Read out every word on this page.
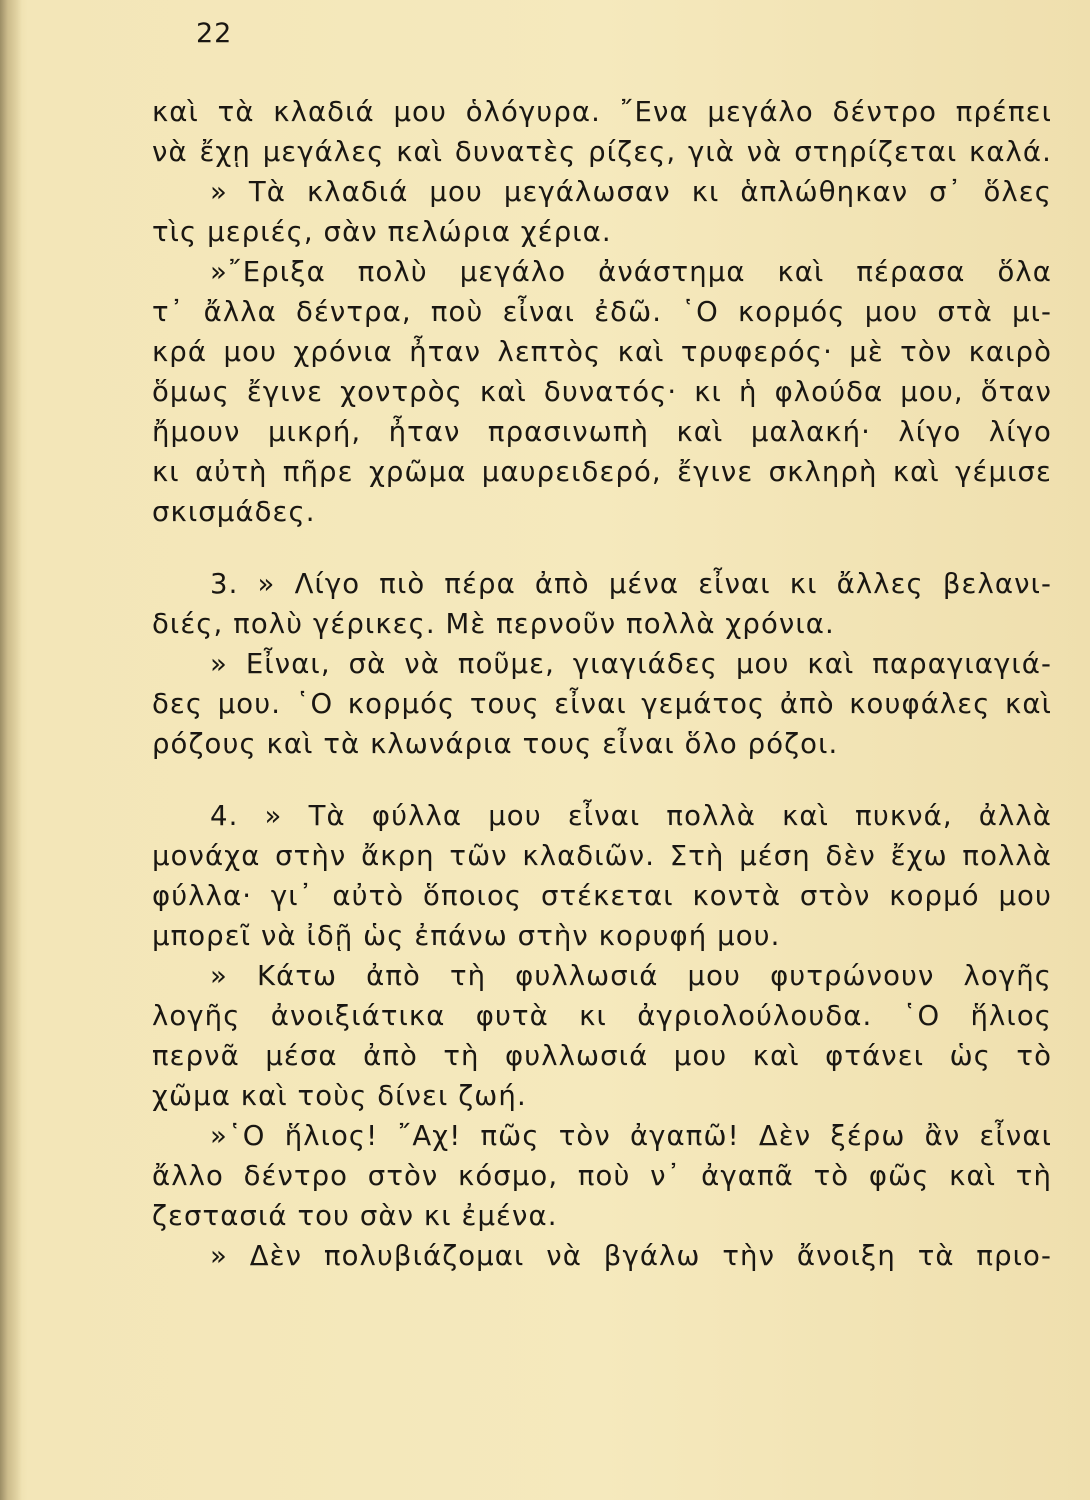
22
καὶ τὰ κλαδιά μου ὁλόγυρα. ῎Ενα μεγάλο δέντρο πρέπει
νὰ ἔχῃ μεγάλες καὶ δυνατὲς ρίζες, γιὰ νὰ στηρίζεται καλά.
» Τὰ κλαδιά μου μεγάλωσαν κι ἁπλώθηκαν σ᾽ ὅλες
τὶς μεριές, σὰν πελώρια χέρια.
»῎Εριξα πολὺ μεγάλο ἀνάστημα καὶ πέρασα ὅλα
τ᾽ ἄλλα δέντρα, ποὺ εἶναι ἐδῶ. ῾Ο κορμός μου στὰ μι-
κρά μου χρόνια ἦταν λεπτὸς καὶ τρυφερός· μὲ τὸν καιρὸ
ὅμως ἔγινε χοντρὸς καὶ δυνατός· κι ἡ φλούδα μου, ὅταν
ἤμουν μικρή, ἦταν πρασινωπὴ καὶ μαλακή· λίγο λίγο
κι αὐτὴ πῆρε χρῶμα μαυρειδερό, ἔγινε σκληρὴ καὶ γέμισε
σκισμάδες.
3. » Λίγο πιὸ πέρα ἀπὸ μένα εἶναι κι ἄλλες βελανι-
διές, πολὺ γέρικες. Μὲ περνοῦν πολλὰ χρόνια.
» Εἶναι, σὰ νὰ ποῦμε, γιαγιάδες μου καὶ παραγιαγιά-
δες μου. ῾Ο κορμός τους εἶναι γεμάτος ἀπὸ κουφάλες καὶ
ρόζους καὶ τὰ κλωνάρια τους εἶναι ὅλο ρόζοι.
4. » Τὰ φύλλα μου εἶναι πολλὰ καὶ πυκνά, ἀλλὰ
μονάχα στὴν ἄκρη τῶν κλαδιῶν. Στὴ μέση δὲν ἔχω πολλὰ
φύλλα· γι᾽ αὐτὸ ὅποιος στέκεται κοντὰ στὸν κορμό μου
μπορεῖ νὰ ἰδῇ ὡς ἐπάνω στὴν κορυφή μου.
» Κάτω ἀπὸ τὴ φυλλωσιά μου φυτρώνουν λογῆς
λογῆς ἀνοιξιάτικα φυτὰ κι ἀγριολούλουδα. ῾Ο ἥλιος
περνᾶ μέσα ἀπὸ τὴ φυλλωσιά μου καὶ φτάνει ὡς τὸ
χῶμα καὶ τοὺς δίνει ζωή.
»῾Ο ἥλιος! ῎Αχ! πῶς τὸν ἀγαπῶ! Δὲν ξέρω ἂν εἶναι
ἄλλο δέντρο στὸν κόσμο, ποὺ ν᾽ ἀγαπᾶ τὸ φῶς καὶ τὴ
ζεστασιά του σὰν κι ἐμένα.
» Δὲν πολυβιάζομαι νὰ βγάλω τὴν ἄνοιξη τὰ πριο-
